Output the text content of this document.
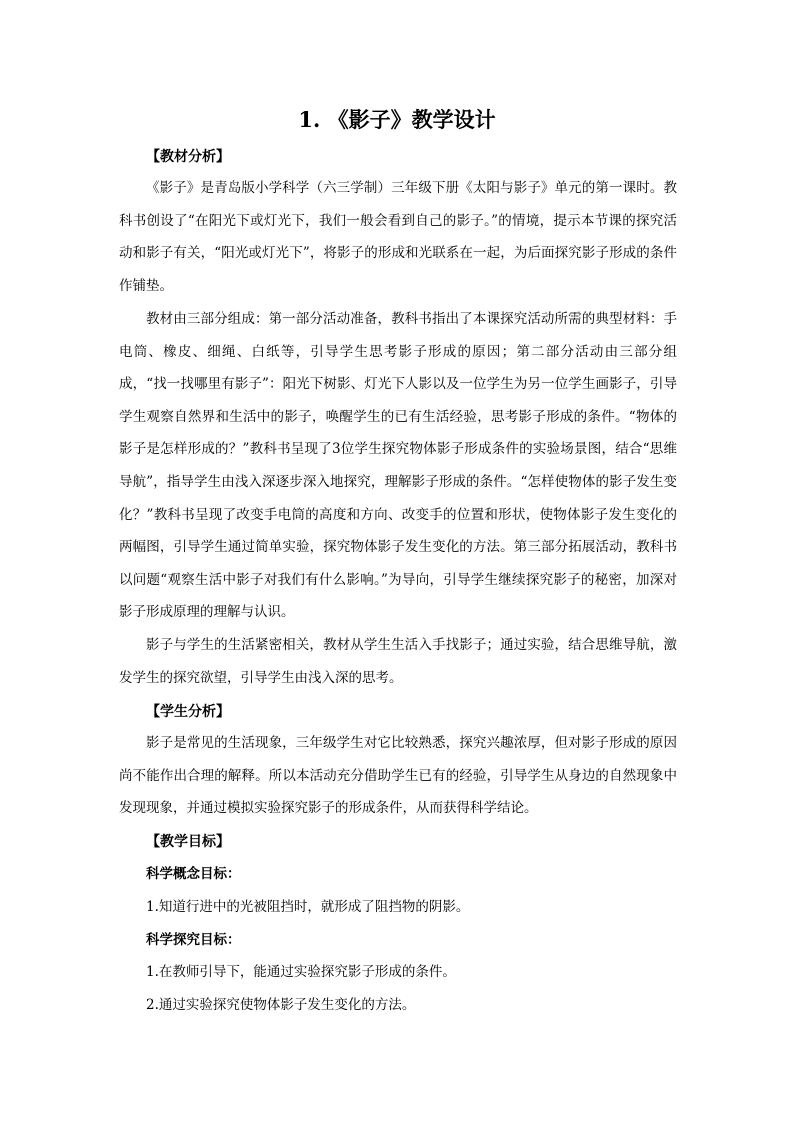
1. 《影子》教学设计
【教材分析】

《影子》是青岛版小学科学（六三学制）三年级下册《太阳与影子》单元的第一课时。教科书创设了“在阳光下或灯光下，我们一般会看到自己的影子。”的情境，提示本节课的探究活动和影子有关，“阳光或灯光下”，将影子的形成和光联系在一起，为后面探究影子形成的条件作铺垫。

教材由三部分组成：第一部分活动准备，教科书指出了本课探究活动所需的典型材料：手电筒、橡皮、细绳、白纸等，引导学生思考影子形成的原因；第二部分活动由三部分组成，“找一找哪里有影子”：阳光下树影、灯光下人影以及一位学生为另一位学生画影子，引导学生观察自然界和生活中的影子，唤醒学生的已有生活经验，思考影子形成的条件。“物体的影子是怎样形成的？”教科书呈现了3位学生探究物体影子形成条件的实验场景图，结合“思维导航”，指导学生由浅入深逐步深入地探究，理解影子形成的条件。“怎样使物体的影子发生变化？”教科书呈现了改变手电筒的高度和方向、改变手的位置和形状，使物体影子发生变化的两幅图，引导学生通过简单实验，探究物体影子发生变化的方法。第三部分拓展活动，教科书以问题“观察生活中影子对我们有什么影响。”为导向，引导学生继续探究影子的秘密，加深对影子形成原理的理解与认识。

影子与学生的生活紧密相关，教材从学生生活入手找影子；通过实验，结合思维导航，激发学生的探究欲望，引导学生由浅入深的思考。

【学生分析】

影子是常见的生活现象，三年级学生对它比较熟悉，探究兴趣浓厚，但对影子形成的原因尚不能作出合理的解释。所以本活动充分借助学生已有的经验，引导学生从身边的自然现象中发现现象，并通过模拟实验探究影子的形成条件，从而获得科学结论。

【教学目标】

科学概念目标：

1.知道行进中的光被阻挡时，就形成了阻挡物的阴影。

科学探究目标：

1.在教师引导下，能通过实验探究影子形成的条件。

2.通过实验探究使物体影子发生变化的方法。
